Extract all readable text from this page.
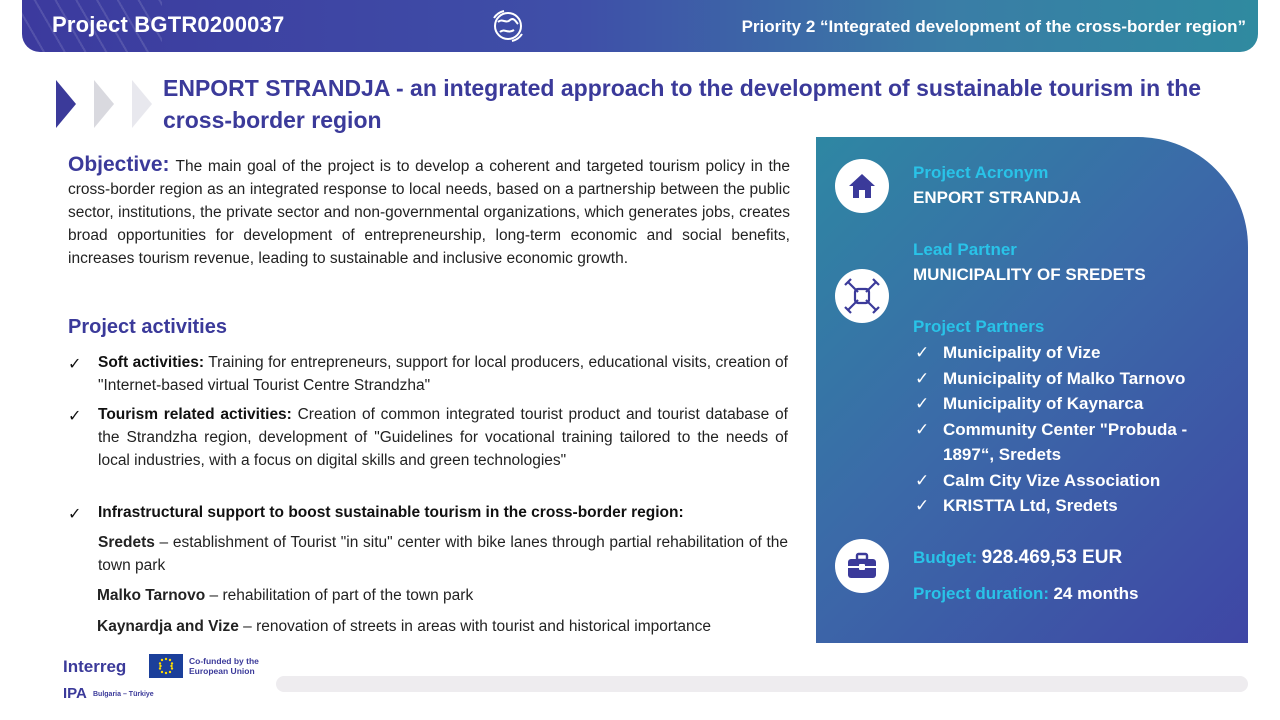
Project BGTR0200037	Priority 2 “Integrated development of the cross-border region”
ENPORT STRANDJA - an integrated approach to the development of sustainable tourism in the cross-border region
Objective: The main goal of the project is to develop a coherent and targeted tourism policy in the cross-border region as an integrated response to local needs, based on a partnership between the public sector, institutions, the private sector and non-governmental organizations, which generates jobs, creates broad opportunities for development of entrepreneurship, long-term economic and social benefits, increases tourism revenue, leading to sustainable and inclusive economic growth.
Project activities
✓ Soft activities: Training for entrepreneurs, support for local producers, educational visits, creation of "Internet-based virtual Tourist Centre Strandzha"
✓ Tourism related activities: Creation of common integrated tourist product and tourist database of the Strandzha region, development of "Guidelines for vocational training tailored to the needs of local industries, with a focus on digital skills and green technologies"
✓ Infrastructural support to boost sustainable tourism in the cross-border region:
Sredets – establishment of Tourist "in situ" center with bike lanes through partial rehabilitation of the town park
Malko Tarnovo – rehabilitation of part of the town park
Kaynardja and Vize – renovation of streets in areas with tourist and historical importance
Project Acronym
ENPORT STRANDJA
Lead Partner
MUNICIPALITY OF SREDETS
Project Partners
✓ Municipality of Vize
✓ Municipality of Malko Tarnovo
✓ Municipality of Kaynarca
✓ Community Center "Probuda - 1897“, Sredets
✓ Calm City Vize Association
✓ KRISTTA Ltd, Sredets
Budget: 928.469,53 EUR
Project duration: 24 months
Interreg	Co-funded by the European Union
IPA Bulgaria – Türkiye
